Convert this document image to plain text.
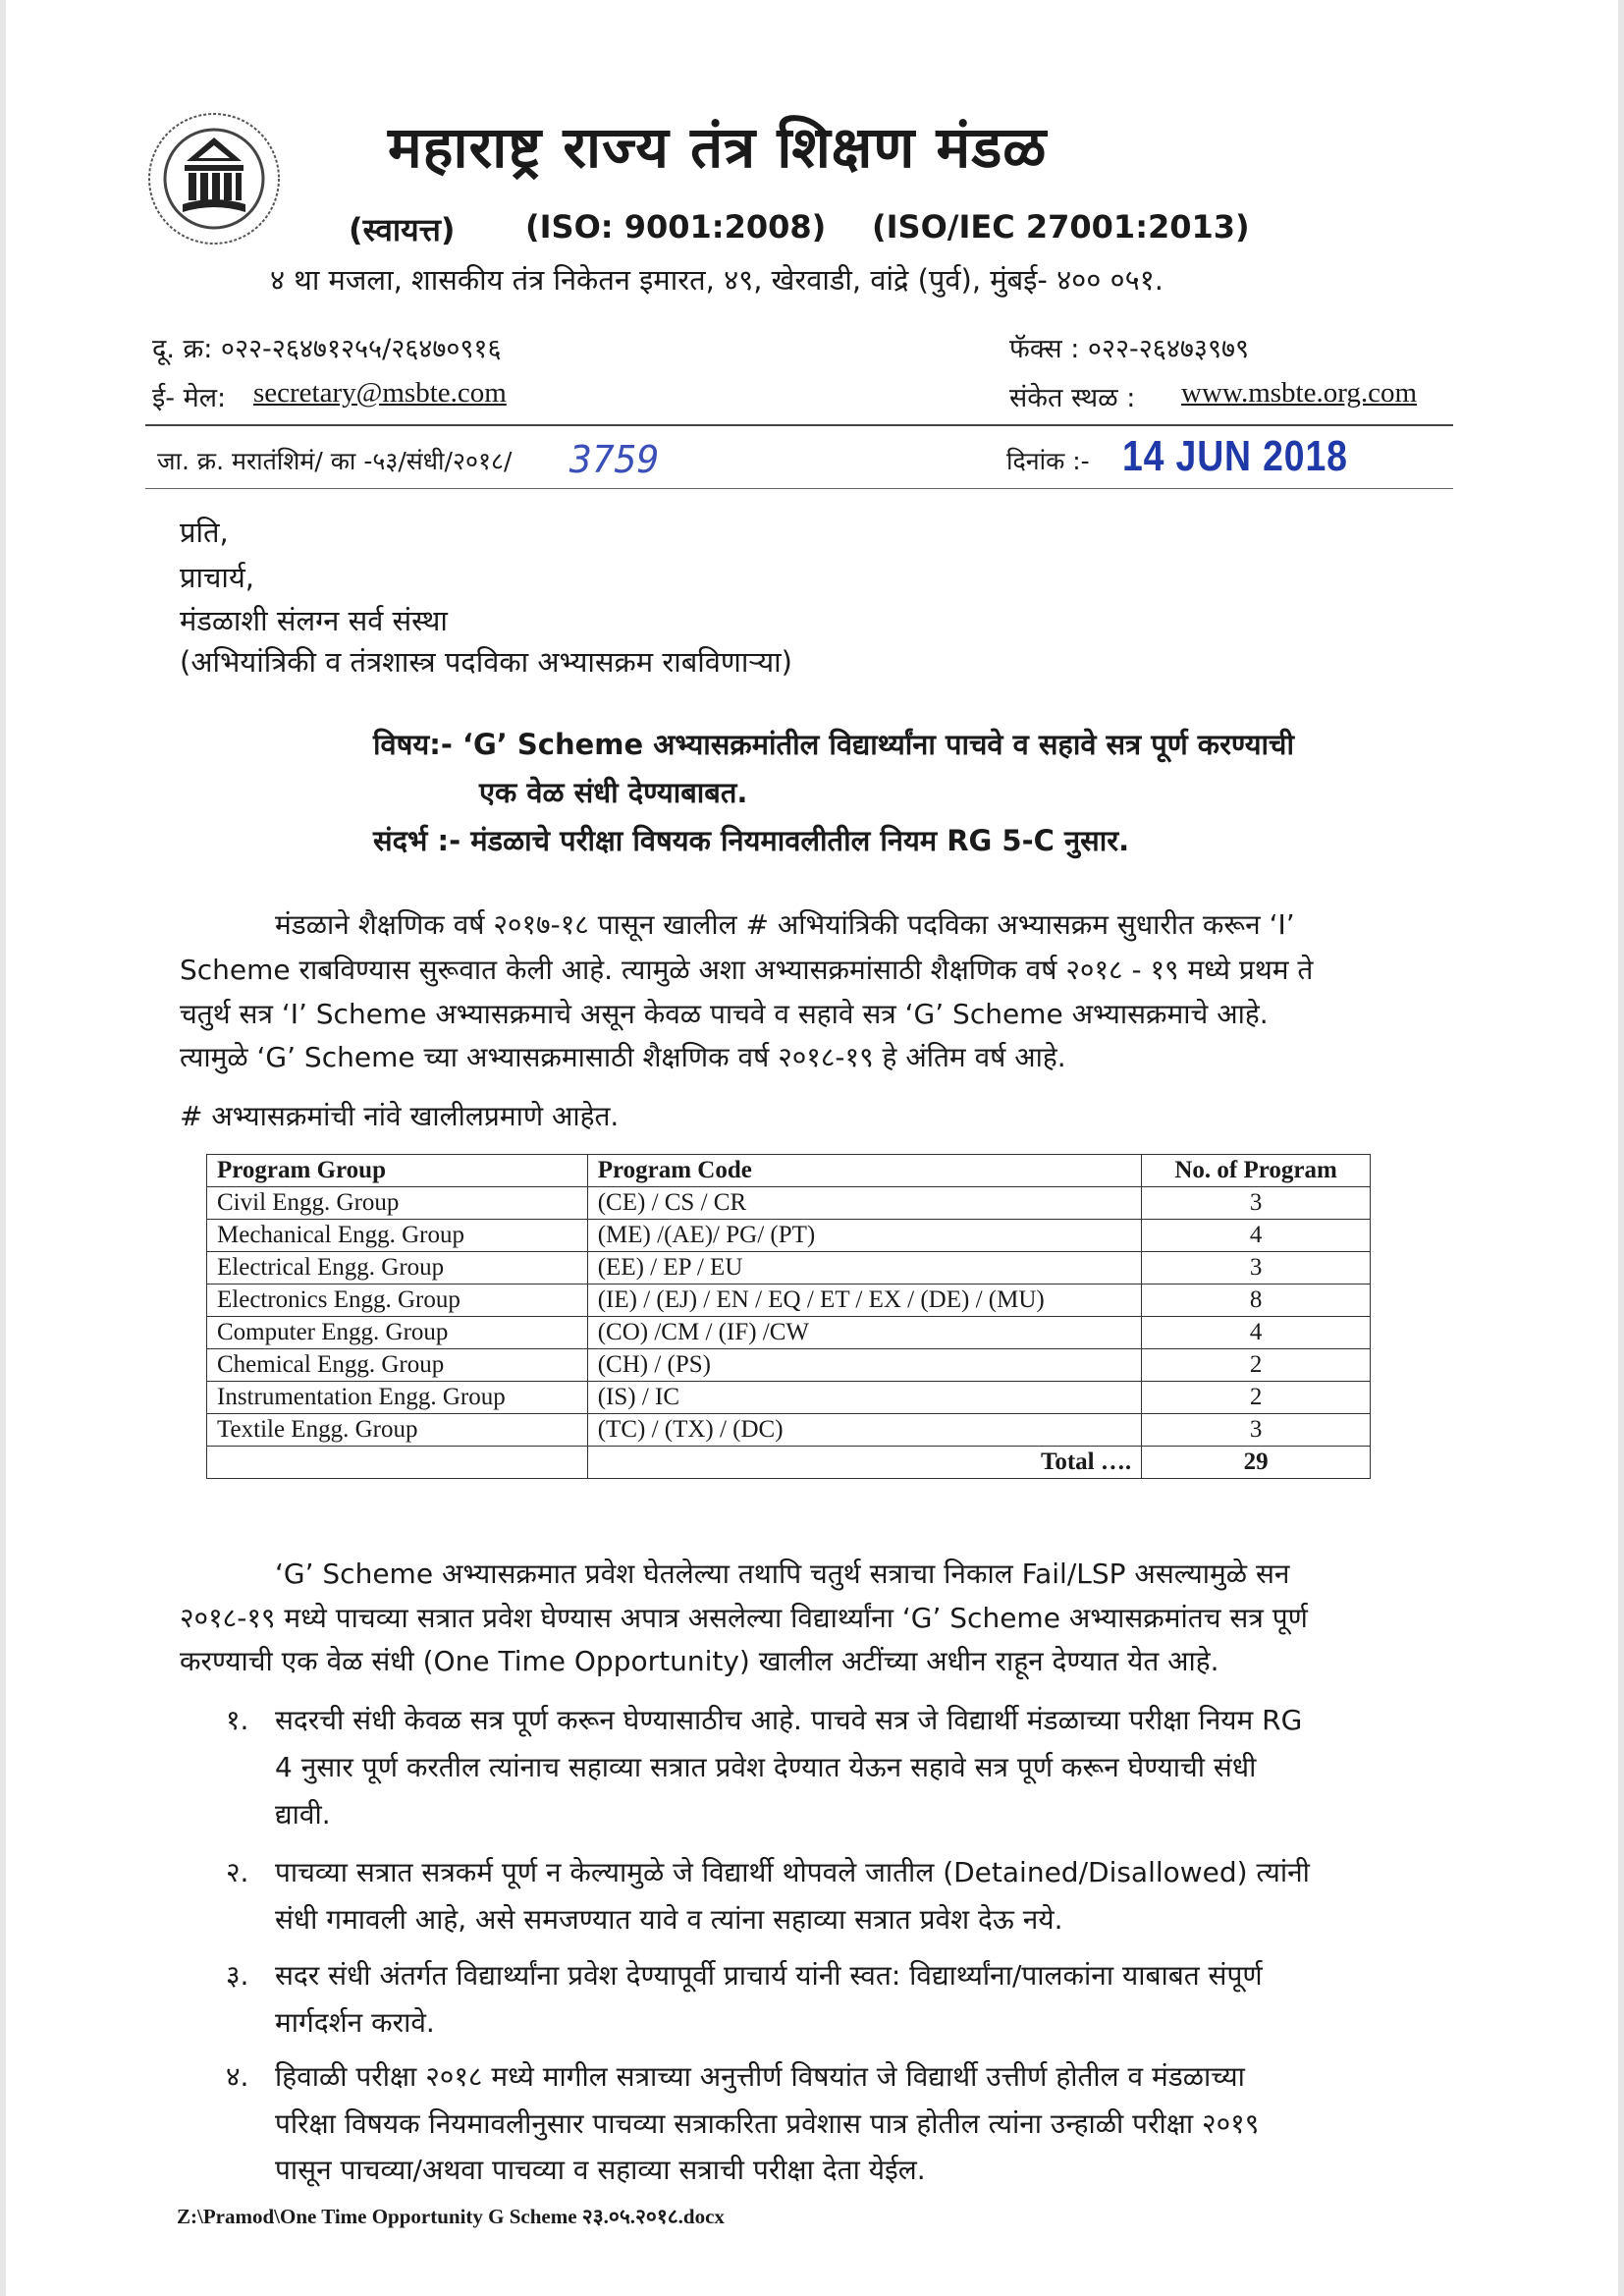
महाराष्ट्र राज्य तंत्र शिक्षण मंडळ
(स्वायत्त) (ISO: 9001:2008) (ISO/IEC 27001:2013)
४ था मजला, शासकीय तंत्र निकेतन इमारत, ४९, खेरवाडी, वांद्रे (पुर्व), मुंबई- ४०० ०५१.
दू. क्र: ०२२-२६४७१२५५/२६४७०९१६	फॅक्स : ०२२-२६४७३९७९
ई- मेल: secretary@msbte.com	संकेत स्थळ : www.msbte.org.com
जा. क्र. मरातंशिमं/ का -५३/संधी/२०१८/ 3759	दिनांक :- 14 JUN 2018
प्रति,
प्राचार्य,
मंडळाशी संलग्न सर्व संस्था
(अभियांत्रिकी व तंत्रशास्त्र पदविका अभ्यासक्रम राबविणाऱ्या)
विषय:- ‘G’ Scheme अभ्यासक्रमांतील विद्यार्थ्यांना पाचवे व सहावे सत्र पूर्ण करण्याची
एक वेळ संधी देण्याबाबत.
संदर्भ :- मंडळाचे परीक्षा विषयक नियमावलीतील नियम RG 5-C नुसार.
मंडळाने शैक्षणिक वर्ष २०१७-१८ पासून खालील # अभियांत्रिकी पदविका अभ्यासक्रम सुधारीत करून ‘I’
Scheme राबविण्यास सुरूवात केली आहे. त्यामुळे अशा अभ्यासक्रमांसाठी शैक्षणिक वर्ष २०१८ - १९ मध्ये प्रथम ते
चतुर्थ सत्र ‘I’ Scheme अभ्यासक्रमाचे असून केवळ पाचवे व सहावे सत्र ‘G’ Scheme अभ्यासक्रमाचे आहे.
त्यामुळे ‘G’ Scheme च्या अभ्यासक्रमासाठी शैक्षणिक वर्ष २०१८-१९ हे अंतिम वर्ष आहे.
# अभ्यासक्रमांची नांवे खालीलप्रमाणे आहेत.
Program Group	Program Code	No. of Program
Civil Engg. Group	(CE) / CS / CR	3
Mechanical Engg. Group	(ME) /(AE)/ PG/ (PT)	4
Electrical Engg. Group	(EE) / EP / EU	3
Electronics Engg. Group	(IE) / (EJ) / EN / EQ / ET / EX / (DE) / (MU)	8
Computer Engg. Group	(CO) /CM / (IF) /CW	4
Chemical Engg. Group	(CH) / (PS)	2
Instrumentation Engg. Group	(IS) / IC	2
Textile Engg. Group	(TC) / (TX) / (DC)	3
	Total ….	29
‘G’ Scheme अभ्यासक्रमात प्रवेश घेतलेल्या तथापि चतुर्थ सत्राचा निकाल Fail/LSP असल्यामुळे सन
२०१८-१९ मध्ये पाचव्या सत्रात प्रवेश घेण्यास अपात्र असलेल्या विद्यार्थ्यांना ‘G’ Scheme अभ्यासक्रमांतच सत्र पूर्ण
करण्याची एक वेळ संधी (One Time Opportunity) खालील अटींच्या अधीन राहून देण्यात येत आहे.
१. सदरची संधी केवळ सत्र पूर्ण करून घेण्यासाठीच आहे. पाचवे सत्र जे विद्यार्थी मंडळाच्या परीक्षा नियम RG
4 नुसार पूर्ण करतील त्यांनाच सहाव्या सत्रात प्रवेश देण्यात येऊन सहावे सत्र पूर्ण करून घेण्याची संधी
द्यावी.
२. पाचव्या सत्रात सत्रकर्म पूर्ण न केल्यामुळे जे विद्यार्थी थोपवले जातील (Detained/Disallowed) त्यांनी
संधी गमावली आहे, असे समजण्यात यावे व त्यांना सहाव्या सत्रात प्रवेश देऊ नये.
३. सदर संधी अंतर्गत विद्यार्थ्यांना प्रवेश देण्यापूर्वी प्राचार्य यांनी स्वत: विद्यार्थ्यांना/पालकांना याबाबत संपूर्ण
मार्गदर्शन करावे.
४. हिवाळी परीक्षा २०१८ मध्ये मागील सत्राच्या अनुत्तीर्ण विषयांत जे विद्यार्थी उत्तीर्ण होतील व मंडळाच्या
परिक्षा विषयक नियमावलीनुसार पाचव्या सत्राकरिता प्रवेशास पात्र होतील त्यांना उन्हाळी परीक्षा २०१९
पासून पाचव्या/अथवा पाचव्या व सहाव्या सत्राची परीक्षा देता येईल.
Z:\Pramod\One Time Opportunity G Scheme २३.०५.२०१८.docx
